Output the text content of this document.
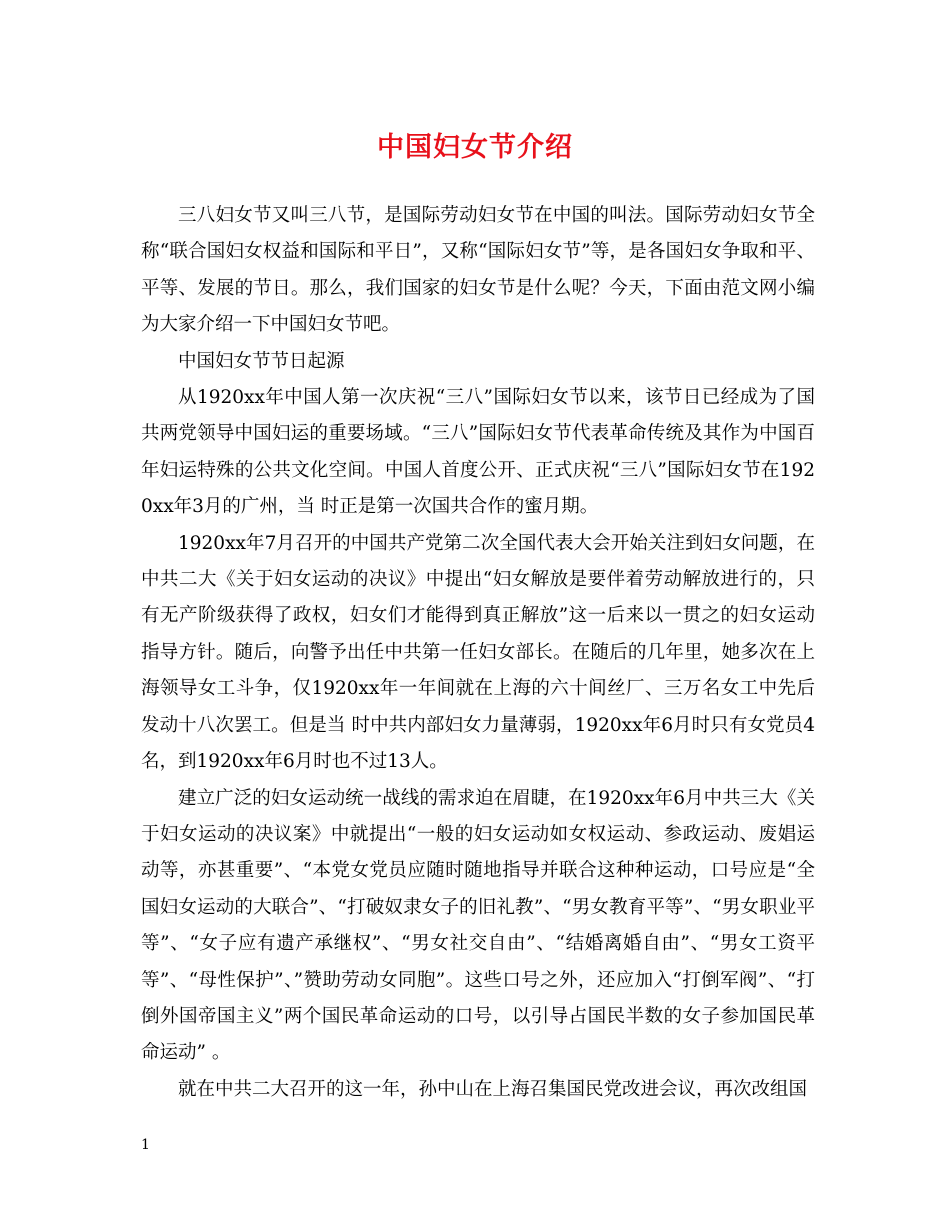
中国妇女节介绍

三八妇女节又叫三八节，是国际劳动妇女节在中国的叫法。国际劳动妇女节全称“联合国妇女权益和国际和平日”，又称“国际妇女节”等，是各国妇女争取和平、平等、发展的节日。那么，我们国家的妇女节是什么呢？今天，下面由范文网小编为大家介绍一下中国妇女节吧。

中国妇女节节日起源

从1920xx年中国人第一次庆祝“三八”国际妇女节以来，该节日已经成为了国共两党领导中国妇运的重要场域。“三八”国际妇女节代表革命传统及其作为中国百年妇运特殊的公共文化空间。中国人首度公开、正式庆祝“三八”国际妇女节在1920xx年3月的广州，当 时正是第一次国共合作的蜜月期。

1920xx年7月召开的中国共产党第二次全国代表大会开始关注到妇女问题，在中共二大《关于妇女运动的决议》中提出“妇女解放是要伴着劳动解放进行的，只有无产阶级获得了政权，妇女们才能得到真正解放”这一后来以一贯之的妇女运动指导方针。随后，向警予出任中共第一任妇女部长。在随后的几年里，她多次在上海领导女工斗争，仅1920xx年一年间就在上海的六十间丝厂、三万名女工中先后发动十八次罢工。但是当 时中共内部妇女力量薄弱，1920xx年6月时只有女党员4名，到1920xx年6月时也不过13人。

建立广泛的妇女运动统一战线的需求迫在眉睫，在1920xx年6月中共三大《关于妇女运动的决议案》中就提出“一般的妇女运动如女权运动、参政运动、废娼运动等，亦甚重要”、“本党女党员应随时随地指导并联合这种种运动，口号应是“全国妇女运动的大联合”、“打破奴隶女子的旧礼教”、“男女教育平等”、“男女职业平等”、“女子应有遗产承继权”、“男女社交自由”、“结婚离婚自由”、“男女工资平等”、“母性保护”、”赞助劳动女同胞”。这些口号之外，还应加入“打倒军阀”、“打倒外国帝国主义”两个国民革命运动的口号，以引导占国民半数的女子参加国民革命运动” 。

就在中共二大召开的这一年，孙中山在上海召集国民党改进会议，再次改组国

1
